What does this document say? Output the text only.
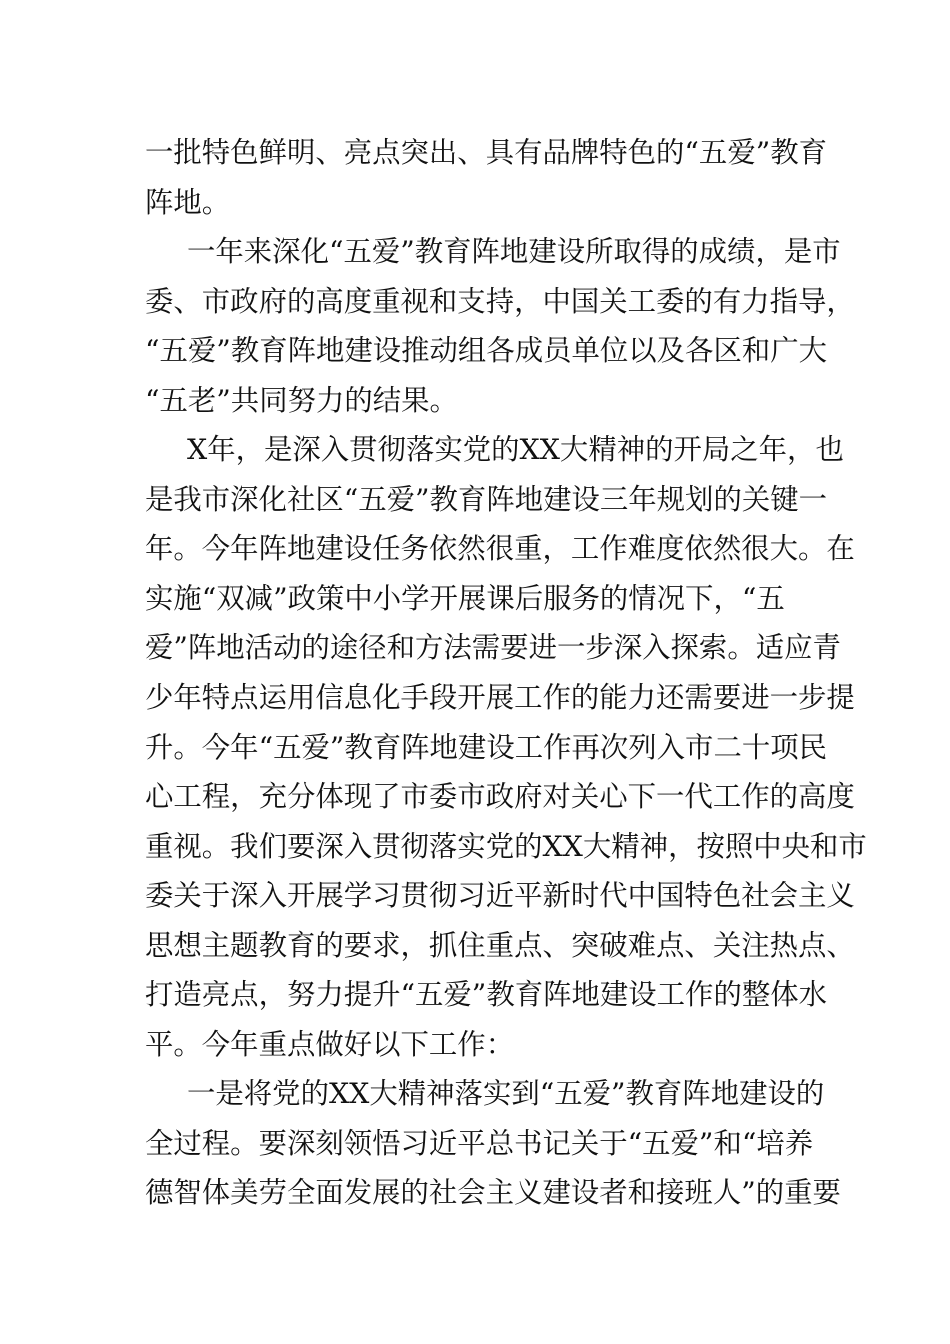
一批特色鲜明、亮点突出、具有品牌特色的“五爱”教育
阵地。
一年来深化“五爱”教育阵地建设所取得的成绩，是市
委、市政府的高度重视和支持，中国关工委的有力指导，
“五爱”教育阵地建设推动组各成员单位以及各区和广大
“五老”共同努力的结果。
X年，是深入贯彻落实党的XX大精神的开局之年，也
是我市深化社区“五爱”教育阵地建设三年规划的关键一
年。今年阵地建设任务依然很重，工作难度依然很大。在
实施“双减”政策中小学开展课后服务的情况下，“五
爱”阵地活动的途径和方法需要进一步深入探索。适应青
少年特点运用信息化手段开展工作的能力还需要进一步提
升。今年“五爱”教育阵地建设工作再次列入市二十项民
心工程，充分体现了市委市政府对关心下一代工作的高度
重视。我们要深入贯彻落实党的XX大精神，按照中央和市
委关于深入开展学习贯彻习近平新时代中国特色社会主义
思想主题教育的要求，抓住重点、突破难点、关注热点、
打造亮点，努力提升“五爱”教育阵地建设工作的整体水
平。今年重点做好以下工作：
一是将党的XX大精神落实到“五爱”教育阵地建设的
全过程。要深刻领悟习近平总书记关于“五爱”和“培养
德智体美劳全面发展的社会主义建设者和接班人”的重要
